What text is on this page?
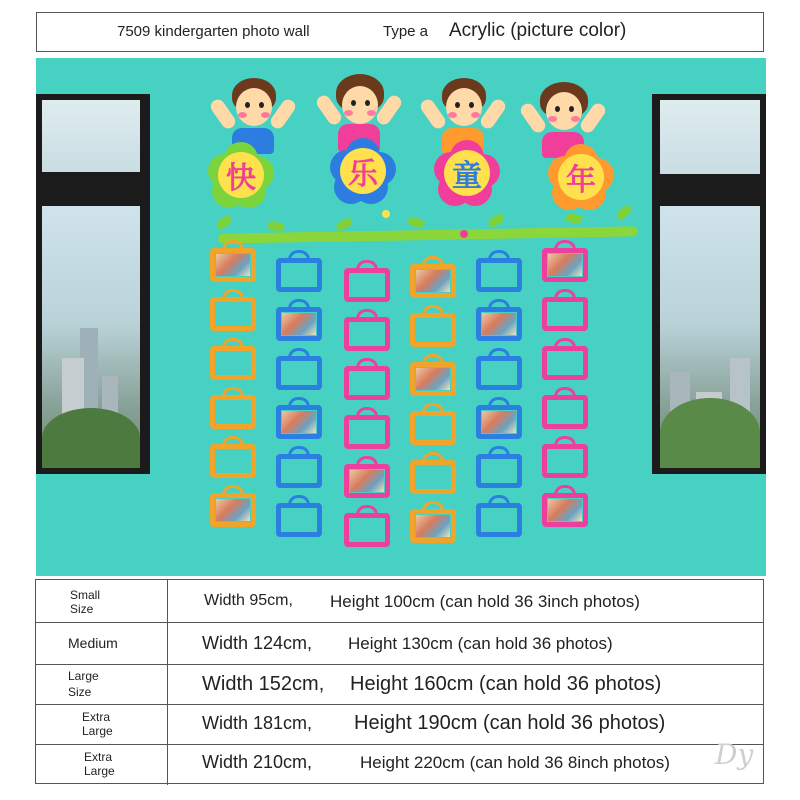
7509 kindergarten photo wall	Type a Acrylic (picture color)
快	乐 童	年
Small
Size	Width 95cm, Height 100cm (can hold 36 3inch photos)
Medium	Width 124cm, Height 130cm (can hold 36 photos)
Large
Size	Width 152cm, Height 160cm (can hold 36 photos)
Extra
Large	Width 181cm, Height 190cm (can hold 36 photos)
Extra
Large	Width 210cm,	Height 220cm (can hold 36 8inch photos) Dy
